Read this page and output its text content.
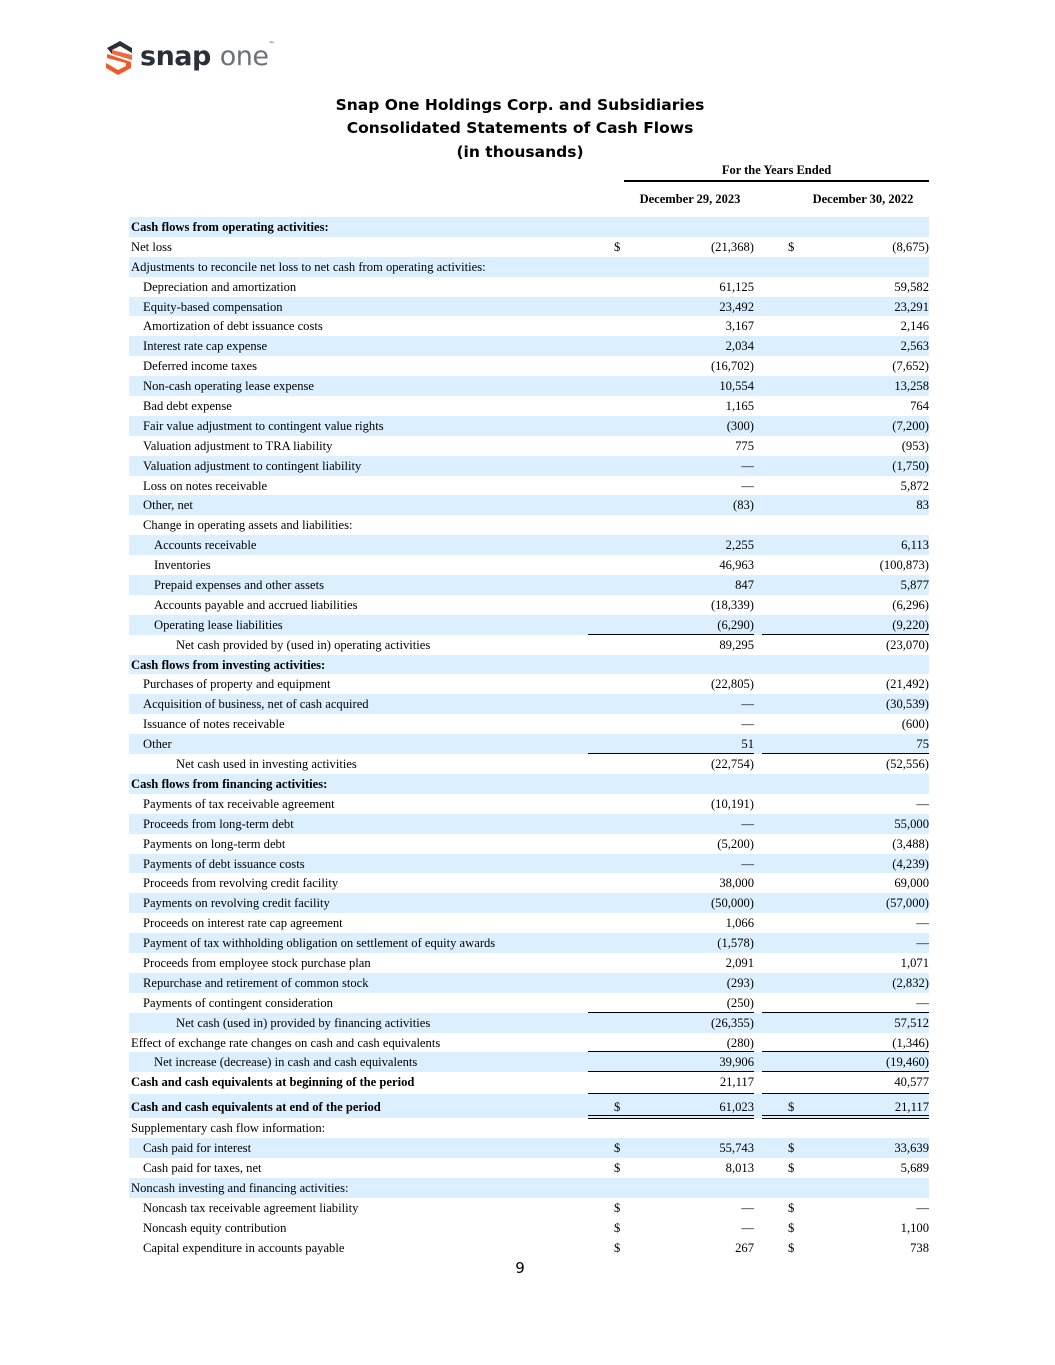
snap one™
Snap One Holdings Corp. and Subsidiaries
Consolidated Statements of Cash Flows
(in thousands)
For the Years Ended
December 29, 2023	December 30, 2022
Cash flows from operating activities:
Net loss	$	(21,368)	$	(8,675)
Adjustments to reconcile net loss to net cash from operating activities:
Depreciation and amortization	61,125	59,582
Equity-based compensation	23,492	23,291
Amortization of debt issuance costs	3,167	2,146
Interest rate cap expense	2,034	2,563
Deferred income taxes	(16,702)	(7,652)
Non-cash operating lease expense	10,554	13,258
Bad debt expense	1,165	764
Fair value adjustment to contingent value rights	(300)	(7,200)
Valuation adjustment to TRA liability	775	(953)
Valuation adjustment to contingent liability	—	(1,750)
Loss on notes receivable	—	5,872
Other, net	(83)	83
Change in operating assets and liabilities:
Accounts receivable	2,255	6,113
Inventories	46,963	(100,873)
Prepaid expenses and other assets	847	5,877
Accounts payable and accrued liabilities	(18,339)	(6,296)
Operating lease liabilities	(6,290)	(9,220)
Net cash provided by (used in) operating activities	89,295	(23,070)
Cash flows from investing activities:
Purchases of property and equipment	(22,805)	(21,492)
Acquisition of business, net of cash acquired	—	(30,539)
Issuance of notes receivable	—	(600)
Other	51	75
Net cash used in investing activities	(22,754)	(52,556)
Cash flows from financing activities:
Payments of tax receivable agreement	(10,191)	—
Proceeds from long-term debt	—	55,000
Payments on long-term debt	(5,200)	(3,488)
Payments of debt issuance costs	—	(4,239)
Proceeds from revolving credit facility	38,000	69,000
Payments on revolving credit facility	(50,000)	(57,000)
Proceeds on interest rate cap agreement	1,066	—
Payment of tax withholding obligation on settlement of equity awards	(1,578)	—
Proceeds from employee stock purchase plan	2,091	1,071
Repurchase and retirement of common stock	(293)	(2,832)
Payments of contingent consideration	(250)	—
Net cash (used in) provided by financing activities	(26,355)	57,512
Effect of exchange rate changes on cash and cash equivalents	(280)	(1,346)
Net increase (decrease) in cash and cash equivalents	39,906	(19,460)
Cash and cash equivalents at beginning of the period	21,117	40,577
Cash and cash equivalents at end of the period	$	61,023	$	21,117
Supplementary cash flow information:
Cash paid for interest	$	55,743	$	33,639
Cash paid for taxes, net	$	8,013	$	5,689
Noncash investing and financing activities:
Noncash tax receivable agreement liability	$	—	$	—
Noncash equity contribution	$	—	$	1,100
Capital expenditure in accounts payable	$	267	$	738
9
